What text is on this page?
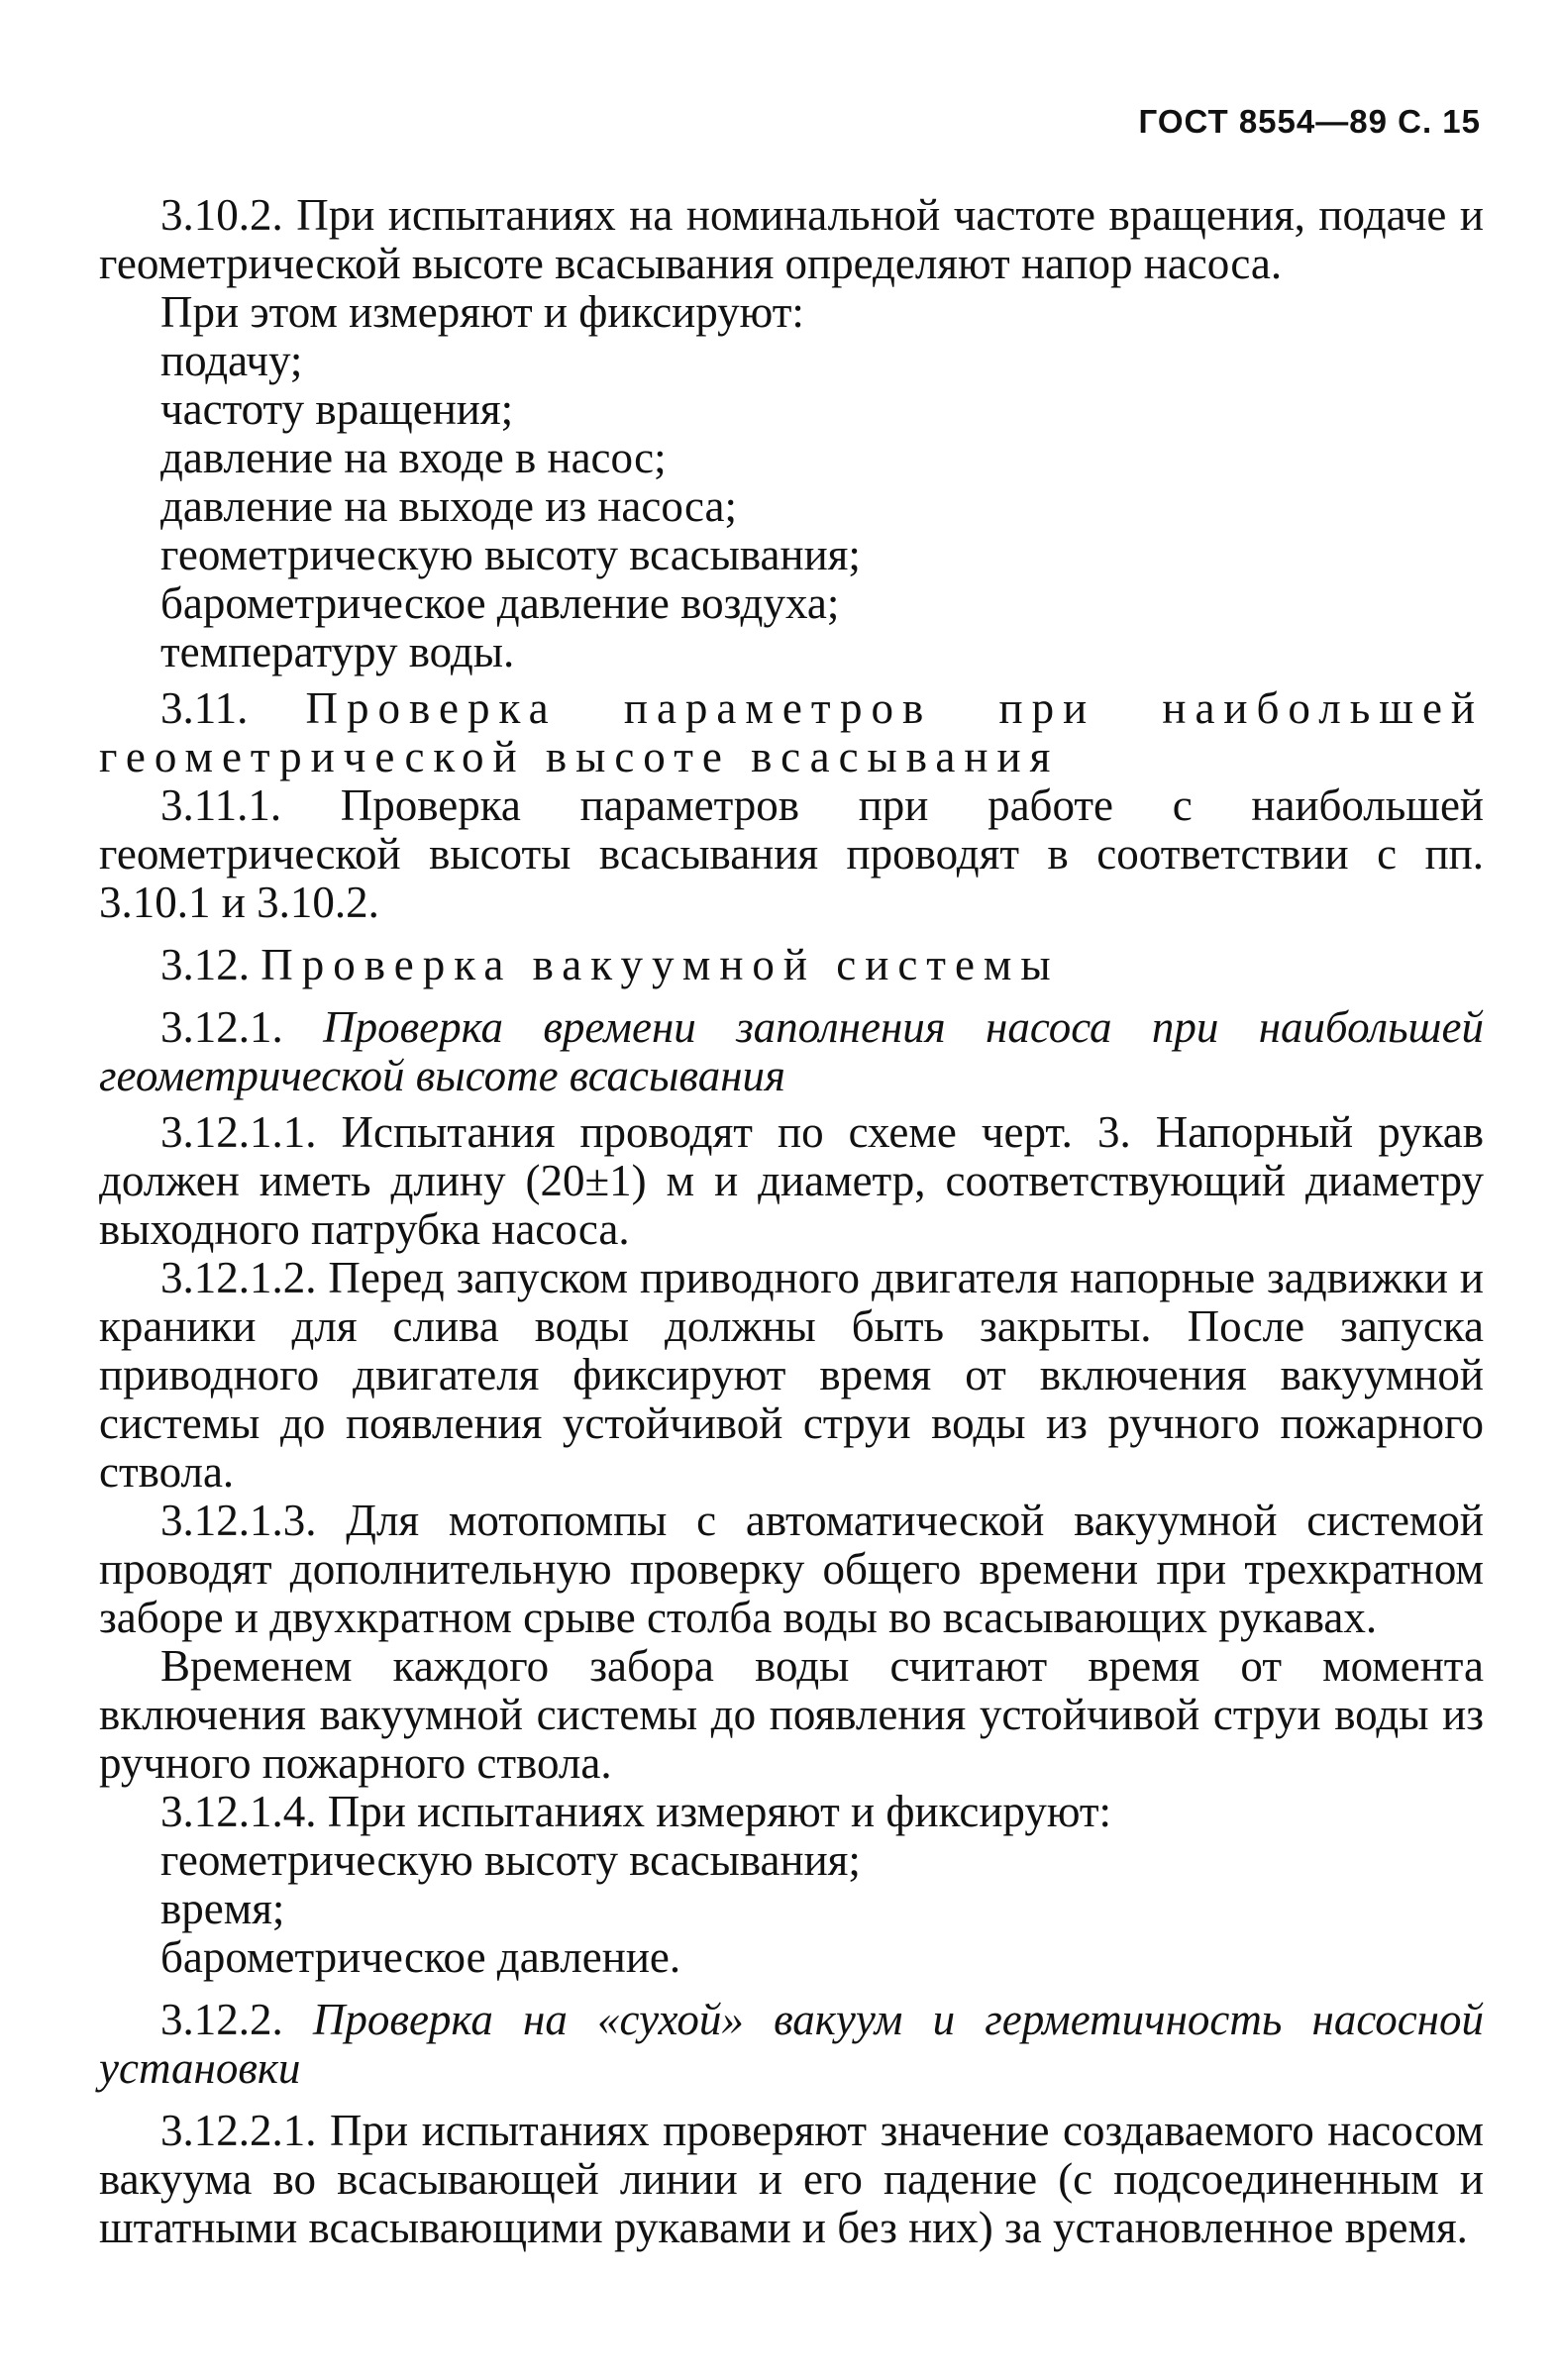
ГОСТ 8554—89 С. 15

3.10.2. При испытаниях на номинальной частоте вращения, подаче и геометрической высоте всасывания определяют напор насоса.

При этом измеряют и фиксируют:

подачу;

частоту вращения;

давление на входе в насос;

давление на выходе из насоса;

геометрическую высоту всасывания;

барометрическое давление воздуха;

температуру воды.

3.11. Проверка параметров при наибольшей геометрической высоте всасывания

3.11.1. Проверка параметров при работе с наибольшей геометрической высоты всасывания проводят в соответствии с пп. 3.10.1 и 3.10.2.

3.12. Проверка вакуумной системы

3.12.1. Проверка времени заполнения насоса при наибольшей геометрической высоте всасывания

3.12.1.1. Испытания проводят по схеме черт. 3. Напорный рукав должен иметь длину (20±1) м и диаметр, соответствующий диаметру выходного патрубка насоса.

3.12.1.2. Перед запуском приводного двигателя напорные задвижки и краники для слива воды должны быть закрыты. После запуска приводного двигателя фиксируют время от включения вакуумной системы до появления устойчивой струи воды из ручного пожарного ствола.

3.12.1.3. Для мотопомпы с автоматической вакуумной системой проводят дополнительную проверку общего времени при трехкратном заборе и двухкратном срыве столба воды во всасывающих рукавах.

Временем каждого забора воды считают время от момента включения вакуумной системы до появления устойчивой струи воды из ручного пожарного ствола.

3.12.1.4. При испытаниях измеряют и фиксируют:

геометрическую высоту всасывания;

время;

барометрическое давление.

3.12.2. Проверка на «сухой» вакуум и герметичность насосной установки

3.12.2.1. При испытаниях проверяют значение создаваемого насосом вакуума во всасывающей линии и его падение (с подсоединенным и штатными всасывающими рукавами и без них) за установленное время.
